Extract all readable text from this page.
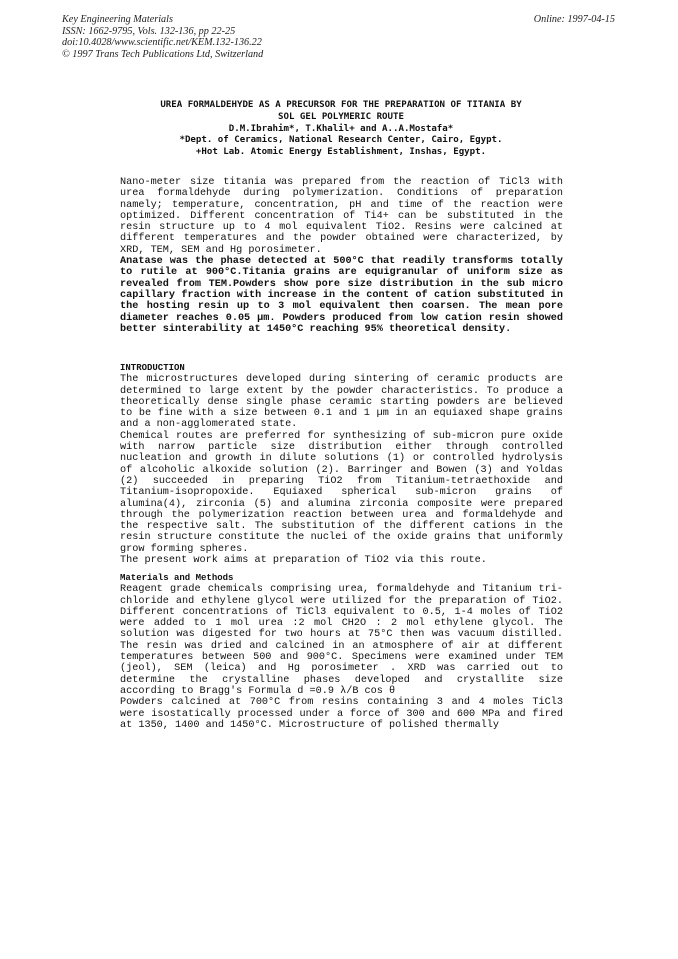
Key Engineering Materials
ISSN: 1662-9795, Vols. 132-136, pp 22-25
doi:10.4028/www.scientific.net/KEM.132-136.22
© 1997 Trans Tech Publications Ltd, Switzerland
Online: 1997-04-15
UREA FORMALDEHYDE AS A PRECURSOR FOR THE PREPARATION OF TITANIA BY
SOL GEL POLYMERIC ROUTE
D.M.Ibrahim*, T.Khalil+ and A..A.Mostafa*
*Dept. of Ceramics, National Research Center, Cairo, Egypt.
+Hot Lab. Atomic Energy Establishment, Inshas, Egypt.

Nano-meter size titania was prepared from the reaction of TiCl3 with urea formaldehyde during polymerization. Conditions of preparation namely; temperature, concentration, pH and time of the reaction were optimized. Different concentration of Ti4+ can be substituted in the resin structure up to 4 mol equivalent TiO2. Resins were calcined at different temperatures and the powder obtained were characterized, by XRD, TEM, SEM and Hg porosimeter.

Anatase was the phase detected at 500°C that readily transforms totally to rutile at 900°C.Titania grains are equigranular of uniform size as revealed from TEM.Powders show pore size distribution in the sub micro capillary fraction with increase in the content of cation substituted in the hosting resin up to 3 mol equivalent then coarsen. The mean pore diameter reaches 0.05 µm. Powders produced from low cation resin showed better sinterability at 1450°C reaching 95% theoretical density.

INTRODUCTION

The microstructures developed during sintering of ceramic products are determined to large extent by the powder characteristics. To produce a theoretically dense single phase ceramic starting powders are believed to be fine with a size between 0.1 and 1 µm in an equiaxed shape grains and a non-agglomerated state.

Chemical routes are preferred for synthesizing of sub-micron pure oxide with narrow particle size distribution either through controlled nucleation and growth in dilute solutions (1) or controlled hydrolysis of alcoholic alkoxide solution (2). Barringer and Bowen (3) and Yoldas (2) succeeded in preparing TiO2 from Titanium-tetraethoxide and Titanium-isopropoxide. Equiaxed spherical sub-micron grains of alumina(4), zirconia (5) and alumina zirconia composite were prepared through the polymerization reaction between urea and formaldehyde and the respective salt. The substitution of the different cations in the resin structure constitute the nuclei of the oxide grains that uniformly grow forming spheres.

The present work aims at preparation of TiO2 via this route.

Materials and Methods

Reagent grade chemicals comprising urea, formaldehyde and Titanium tri-chloride and ethylene glycol were utilized for the preparation of TiO2. Different concentrations of TiCl3 equivalent to 0.5, 1-4 moles of TiO2 were added to 1 mol urea :2 mol CH2O : 2 mol ethylene glycol. The solution was digested for two hours at 75°C then was vacuum distilled. The resin was dried and calcined in an atmosphere of air at different temperatures between 500 and 900°C. Specimens were examined under TEM (jeol), SEM (leica) and Hg porosimeter . XRD was carried out to determine the crystalline phases developed and crystallite size according to Bragg's Formula d =0.9 λ/B cos θ

Powders calcined at 700°C from resins containing 3 and 4 moles TiCl3 were isostatically processed under a force of 300 and 600 MPa and fired at 1350, 1400 and 1450°C. Microstructure of polished thermally
